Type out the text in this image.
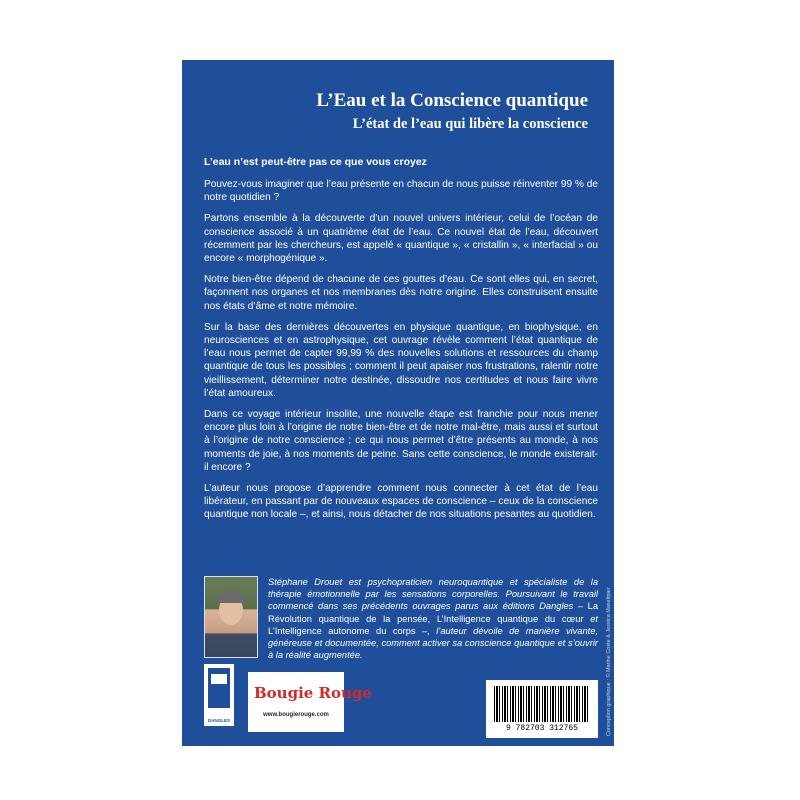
L’Eau et la Conscience quantique
L’état de l’eau qui libère la conscience
L’eau n’est peut-être pas ce que vous croyez

Pouvez-vous imaginer que l’eau présente en chacun de nous puisse réinventer 99 % de notre quotidien ?

Partons ensemble à la découverte d’un nouvel univers intérieur, celui de l’océan de conscience associé à un quatrième état de l’eau. Ce nouvel état de l’eau, découvert récemment par les chercheurs, est appelé « quantique », « cristallin », « interfacial » ou encore « morphogénique ».

Notre bien-être dépend de chacune de ces gouttes d’eau. Ce sont elles qui, en secret, façonnent nos organes et nos membranes dès notre origine. Elles construisent ensuite nos états d’âme et notre mémoire.

Sur la base des dernières découvertes en physique quantique, en biophysique, en neurosciences et en astrophysique, cet ouvrage révèle comment l’état quantique de l’eau nous permet de capter 99,99 % des nouvelles solutions et ressources du champ quantique de tous les possibles ; comment il peut apaiser nos frustrations, ralentir notre vieillissement, déterminer notre destinée, dissoudre nos certitudes et nous faire vivre l’état amoureux.

Dans ce voyage intérieur insolite, une nouvelle étape est franchie pour nous mener encore plus loin à l’origine de notre bien-être et de notre mal-être, mais aussi et surtout à l’origine de notre conscience ; ce qui nous permet d’être présents au monde, à nos moments de joie, à nos moments de peine. Sans cette conscience, le monde existerait-il encore ?

L’auteur nous propose d’apprendre comment nous connecter à cet état de l’eau libérateur, en passant par de nouveaux espaces de conscience – ceux de la conscience quantique non locale –, et ainsi, nous détacher de nos situations pesantes au quotidien.

Stéphane Drouet est psychopraticien neuroquantique et spécialiste de la thérapie émotionnelle par les sensations corporelles. Poursuivant le travail commencé dans ses précédents ouvrages parus aux éditions Dangles – La Révolution quantique de la pensée, L’Intelligence quantique du cœur et L’Intelligence autonome du corps –, l’auteur dévoile de manière vivante, généreuse et documentée, comment activer sa conscience quantique et s’ouvrir à la réalité augmentée.
DANGLES
Bougie Rouge
www.bougierouge.com
9 782703 312765	Conception graphique : © Marine Coste & Jessica Maseltpier
